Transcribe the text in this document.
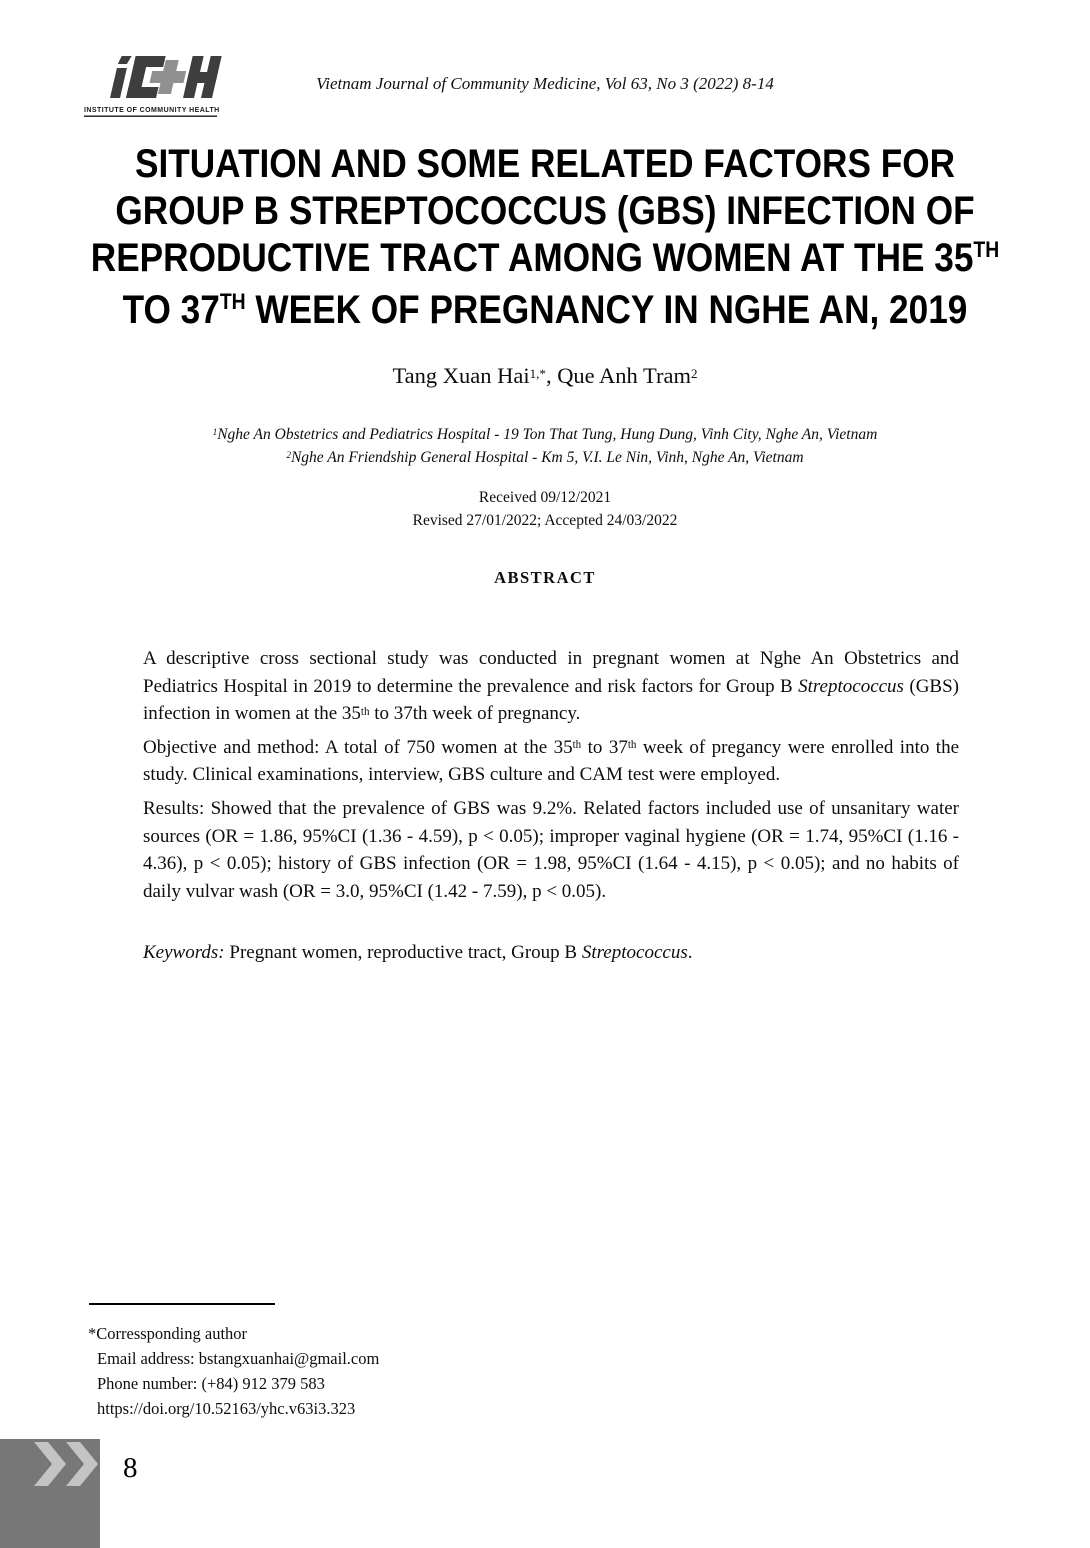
INSTITUTE OF COMMUNITY HEALTH
Vietnam Journal of Community Medicine, Vol 63, No 3 (2022) 8-14
SITUATION AND SOME RELATED FACTORS FOR
GROUP B STREPTOCOCCUS (GBS) INFECTION OF
REPRODUCTIVE TRACT AMONG WOMEN AT THE 35TH
TO 37TH WEEK OF PREGNANCY IN NGHE AN, 2019
Tang Xuan Hai$^{1,*}$, Que Anh Tram$^2$
$^1$Nghe An Obstetrics and Pediatrics Hospital - 19 Ton That Tung, Hung Dung, Vinh City, Nghe An, Vietnam
$^2$Nghe An Friendship General Hospital - Km 5, V.I. Le Nin, Vinh, Nghe An, Vietnam
Received 09/12/2021
Revised 27/01/2022; Accepted 24/03/2022
ABSTRACT

A descriptive cross sectional study was conducted in pregnant women at Nghe An Obstetrics and Pediatrics Hospital in 2019 to determine the prevalence and risk factors for Group B Streptococcus (GBS) infection in women at the 35th to 37th week of pregnancy.

Objective and method: A total of 750 women at the 35th to 37th week of pregancy were enrolled into the study. Clinical examinations, interview, GBS culture and CAM test were employed.

Results: Showed that the prevalence of GBS was 9.2%. Related factors included use of unsanitary water sources (OR = 1.86, 95%CI (1.36 - 4.59), p < 0.05); improper vaginal hygiene (OR = 1.74, 95%CI (1.16 - 4.36), p < 0.05); history of GBS infection (OR = 1.98, 95%CI (1.64 - 4.15), p < 0.05); and no habits of daily vulvar wash (OR = 3.0, 95%CI (1.42 - 7.59), p < 0.05).

Keywords: Pregnant women, reproductive tract, Group B Streptococcus.

*Corressponding author
Email address: bstangxuanhai@gmail.com
Phone number: (+84) 912 379 583
https://doi.org/10.52163/yhc.v63i3.323
8
